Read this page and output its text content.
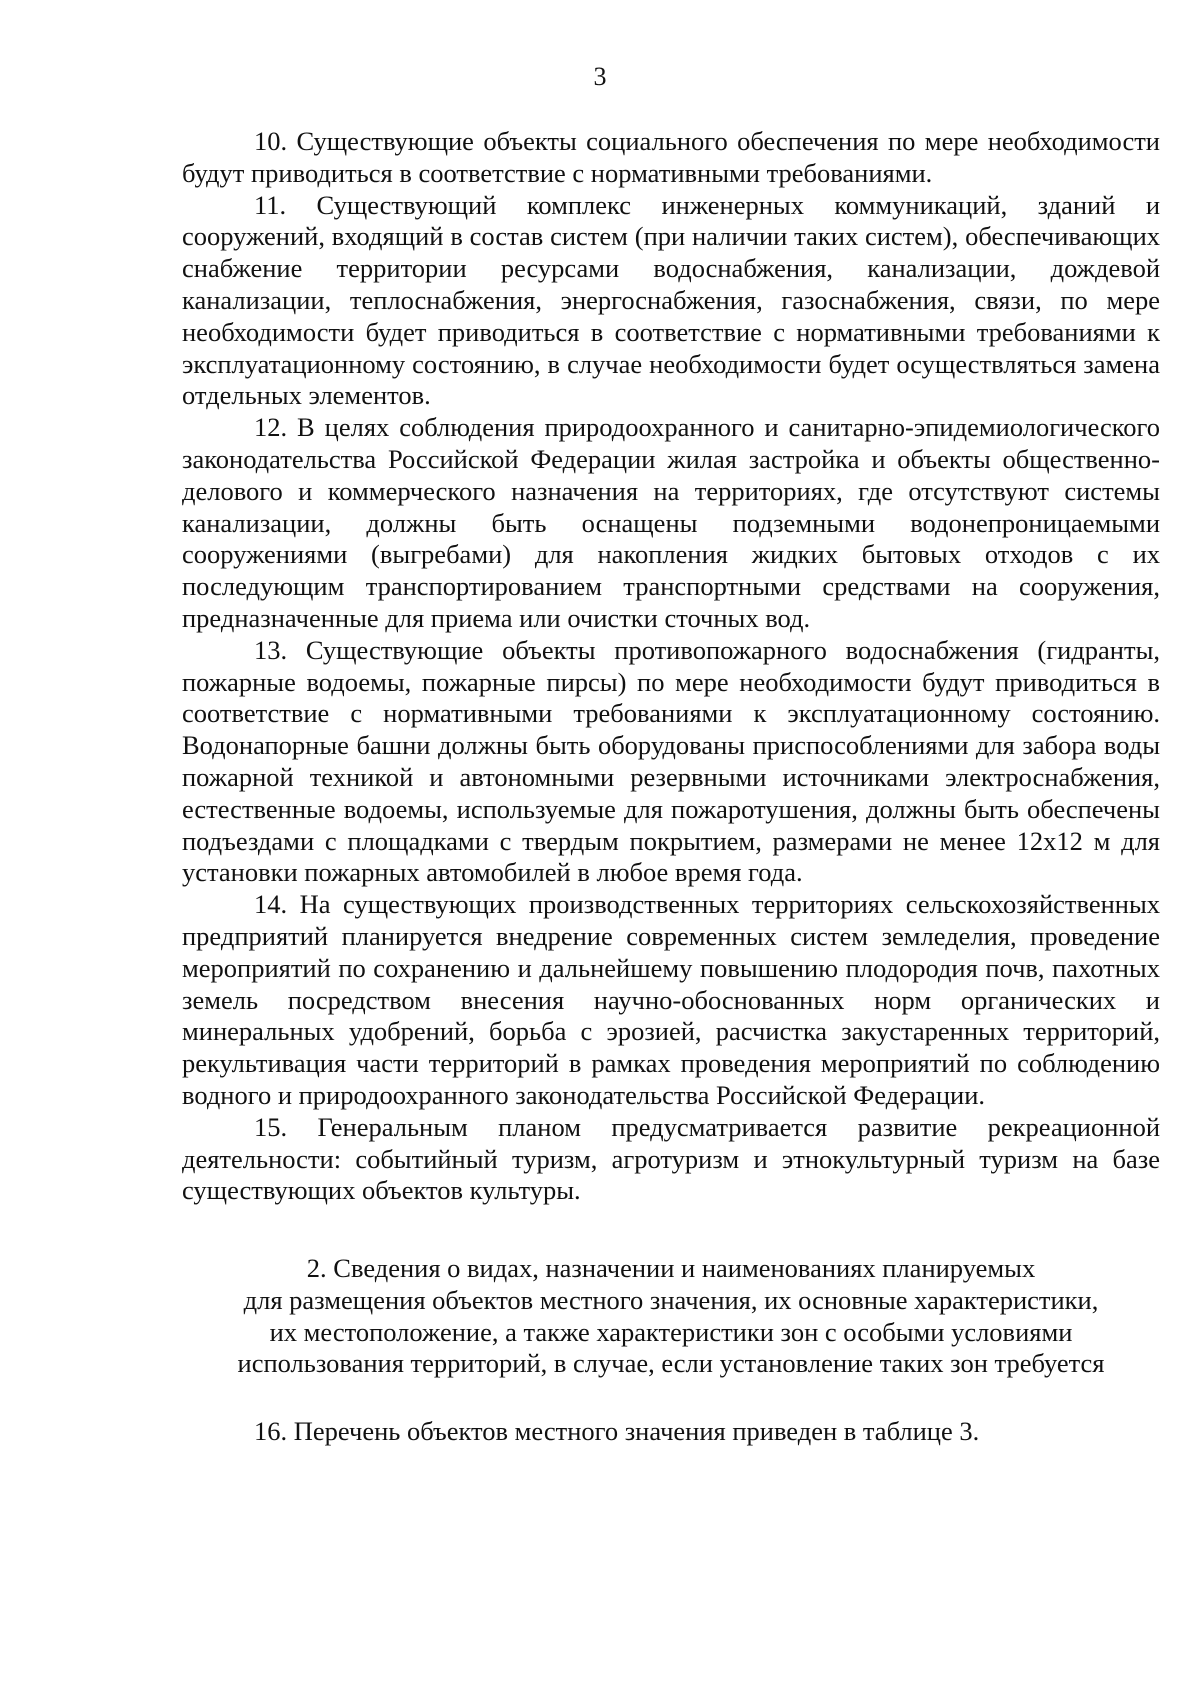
3

10. Существующие объекты социального обеспечения по мере необходимости будут приводиться в соответствие с нормативными требованиями.

11. Существующий комплекс инженерных коммуникаций, зданий и сооружений, входящий в состав систем (при наличии таких систем), обеспечивающих снабжение территории ресурсами водоснабжения, канализации, дождевой канализации, теплоснабжения, энергоснабжения, газоснабжения, связи, по мере необходимости будет приводиться в соответствие с нормативными требованиями к эксплуатационному состоянию, в случае необходимости будет осуществляться замена отдельных элементов.

12. В целях соблюдения природоохранного и санитарно-эпидемиологического законодательства Российской Федерации жилая застройка и объекты общественно-делового и коммерческого назначения на территориях, где отсутствуют системы канализации, должны быть оснащены подземными водонепроницаемыми сооружениями (выгребами) для накопления жидких бытовых отходов с их последующим транспортированием транспортными средствами на сооружения, предназначенные для приема или очистки сточных вод.

13. Существующие объекты противопожарного водоснабжения (гидранты, пожарные водоемы, пожарные пирсы) по мере необходимости будут приводиться в соответствие с нормативными требованиями к эксплуатационному состоянию. Водонапорные башни должны быть оборудованы приспособлениями для забора воды пожарной техникой и автономными резервными источниками электроснабжения, естественные водоемы, используемые для пожаротушения, должны быть обеспечены подъездами с площадками с твердым покрытием, размерами не менее 12х12 м для установки пожарных автомобилей в любое время года.

14. На существующих производственных территориях сельскохозяйственных предприятий планируется внедрение современных систем земледелия, проведение мероприятий по сохранению и дальнейшему повышению плодородия почв, пахотных земель посредством внесения научно-обоснованных норм органических и минеральных удобрений, борьба с эрозией, расчистка закустаренных территорий, рекультивация части территорий в рамках проведения мероприятий по соблюдению водного и природоохранного законодательства Российской Федерации.

15. Генеральным планом предусматривается развитие рекреационной деятельности: событийный туризм, агротуризм и этнокультурный туризм на базе существующих объектов культуры.

2. Сведения о видах, назначении и наименованиях планируемых
для размещения объектов местного значения, их основные характеристики,
их местоположение, а также характеристики зон с особыми условиями
использования территорий, в случае, если установление таких зон требуется

16. Перечень объектов местного значения приведен в таблице 3.
